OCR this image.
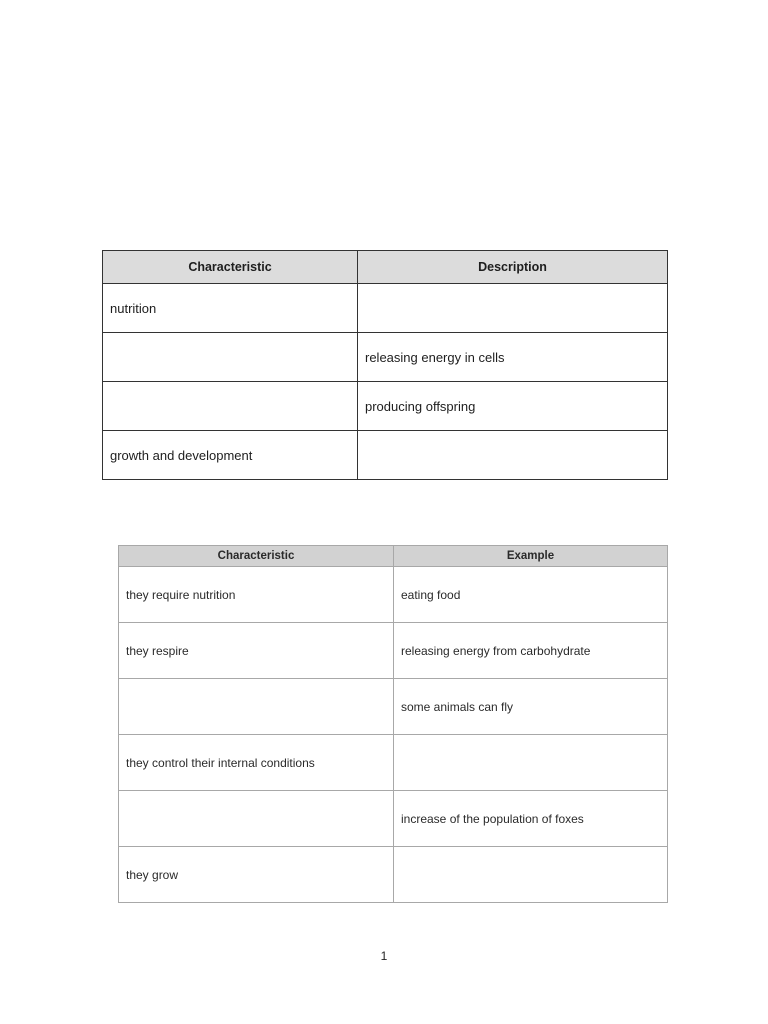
Characteristic	Description
nutrition	
	releasing energy in cells
	producing offspring
growth and development	
Characteristic	Example
they require nutrition	eating food
they respire	releasing energy from carbohydrate
	some animals can fly
they control their internal conditions	
	increase of the population of foxes
they grow	
1
